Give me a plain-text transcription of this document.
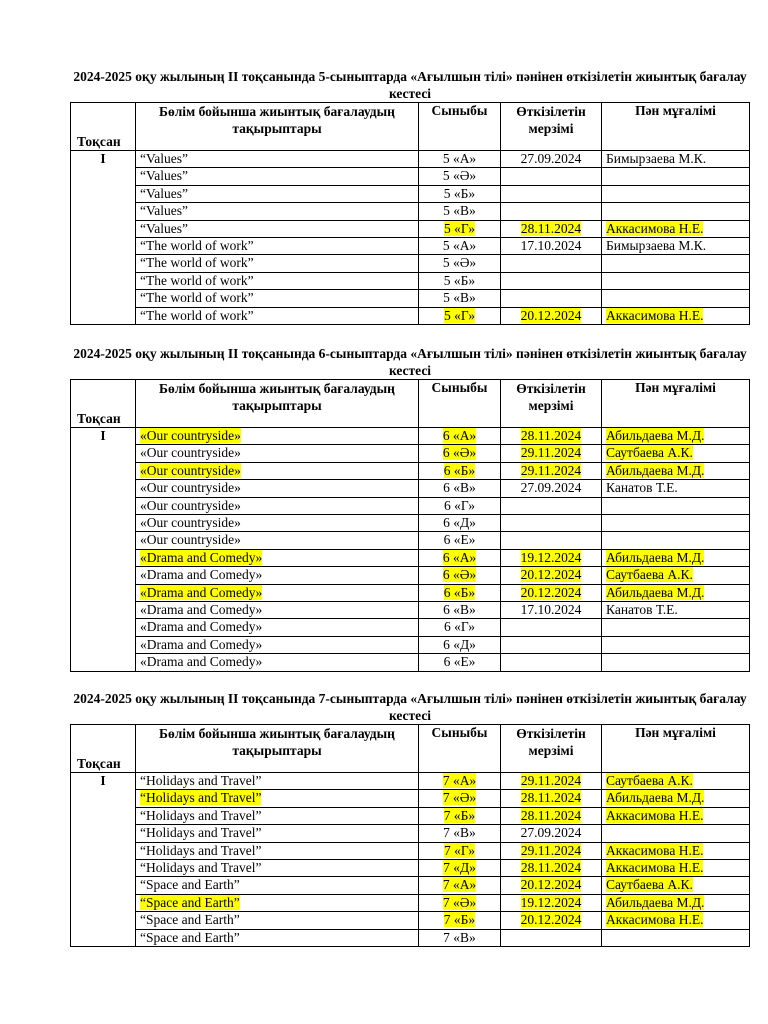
2024-2025 оқу жылының ІІ тоқсанында 5-сыныптарда «Ағылшын тілі» пәнінен өткізілетін жиынтық бағалау кестесі

Тоқсан	Бөлім бойынша жиынтық бағалаудың тақырыптары	Сыныбы	Өткізілетін мерзімі	Пән мұғалімі
І	“Values”	5 «А»	27.09.2024	Бимырзаева М.К.
	“Values”	5 «Ә»		
	“Values”	5 «Б»		
	“Values”	5 «В»		
	“Values”	5 «Г»	28.11.2024	Аккасимова Н.Е.
	“The world of work”	5 «А»	17.10.2024	Бимырзаева М.К.
	“The world of work”	5 «Ә»		
	“The world of work”	5 «Б»		
	“The world of work”	5 «В»		
	“The world of work”	5 «Г»	20.12.2024	Аккасимова Н.Е.

2024-2025 оқу жылының ІІ тоқсанында 6-сыныптарда «Ағылшын тілі» пәнінен өткізілетін жиынтық бағалау кестесі

Тоқсан	Бөлім бойынша жиынтық бағалаудың тақырыптары	Сыныбы	Өткізілетін мерзімі	Пән мұғалімі
І	«Our countryside»	6 «А»	28.11.2024	Абильдаева М.Д.
	«Our countryside»	6 «Ә»	29.11.2024	Саутбаева А.К.
	«Our countryside»	6 «Б»	29.11.2024	Абильдаева М.Д.
	«Our countryside»	6 «В»	27.09.2024	Канатов Т.Е.
	«Our countryside»	6 «Г»		
	«Our countryside»	6 «Д»		
	«Our countryside»	6 «Е»		
	«Drama and Comedy»	6 «А»	19.12.2024	Абильдаева М.Д.
	«Drama and Comedy»	6 «Ә»	20.12.2024	Саутбаева А.К.
	«Drama and Comedy»	6 «Б»	20.12.2024	Абильдаева М.Д.
	«Drama and Comedy»	6 «В»	17.10.2024	Канатов Т.Е.
	«Drama and Comedy»	6 «Г»		
	«Drama and Comedy»	6 «Д»		
	«Drama and Comedy»	6 «Е»		

2024-2025 оқу жылының ІІ тоқсанында 7-сыныптарда «Ағылшын тілі» пәнінен өткізілетін жиынтық бағалау кестесі

Тоқсан	Бөлім бойынша жиынтық бағалаудың тақырыптары	Сыныбы	Өткізілетін мерзімі	Пән мұғалімі
І	“Holidays and Travel”	7 «А»	29.11.2024	Саутбаева А.К.
	“Holidays and Travel”	7 «Ә»	28.11.2024	Абильдаева М.Д.
	“Holidays and Travel”	7 «Б»	28.11.2024	Аккасимова Н.Е.
	“Holidays and Travel”	7 «В»	27.09.2024	
	“Holidays and Travel”	7 «Г»	29.11.2024	Аккасимова Н.Е.
	“Holidays and Travel”	7 «Д»	28.11.2024	Аккасимова Н.Е.
	“Space and Earth”	7 «А»	20.12.2024	Саутбаева А.К.
	“Space and Earth”	7 «Ә»	19.12.2024	Абильдаева М.Д.
	“Space and Earth”	7 «Б»	20.12.2024	Аккасимова Н.Е.
	“Space and Earth”	7 «В»		
